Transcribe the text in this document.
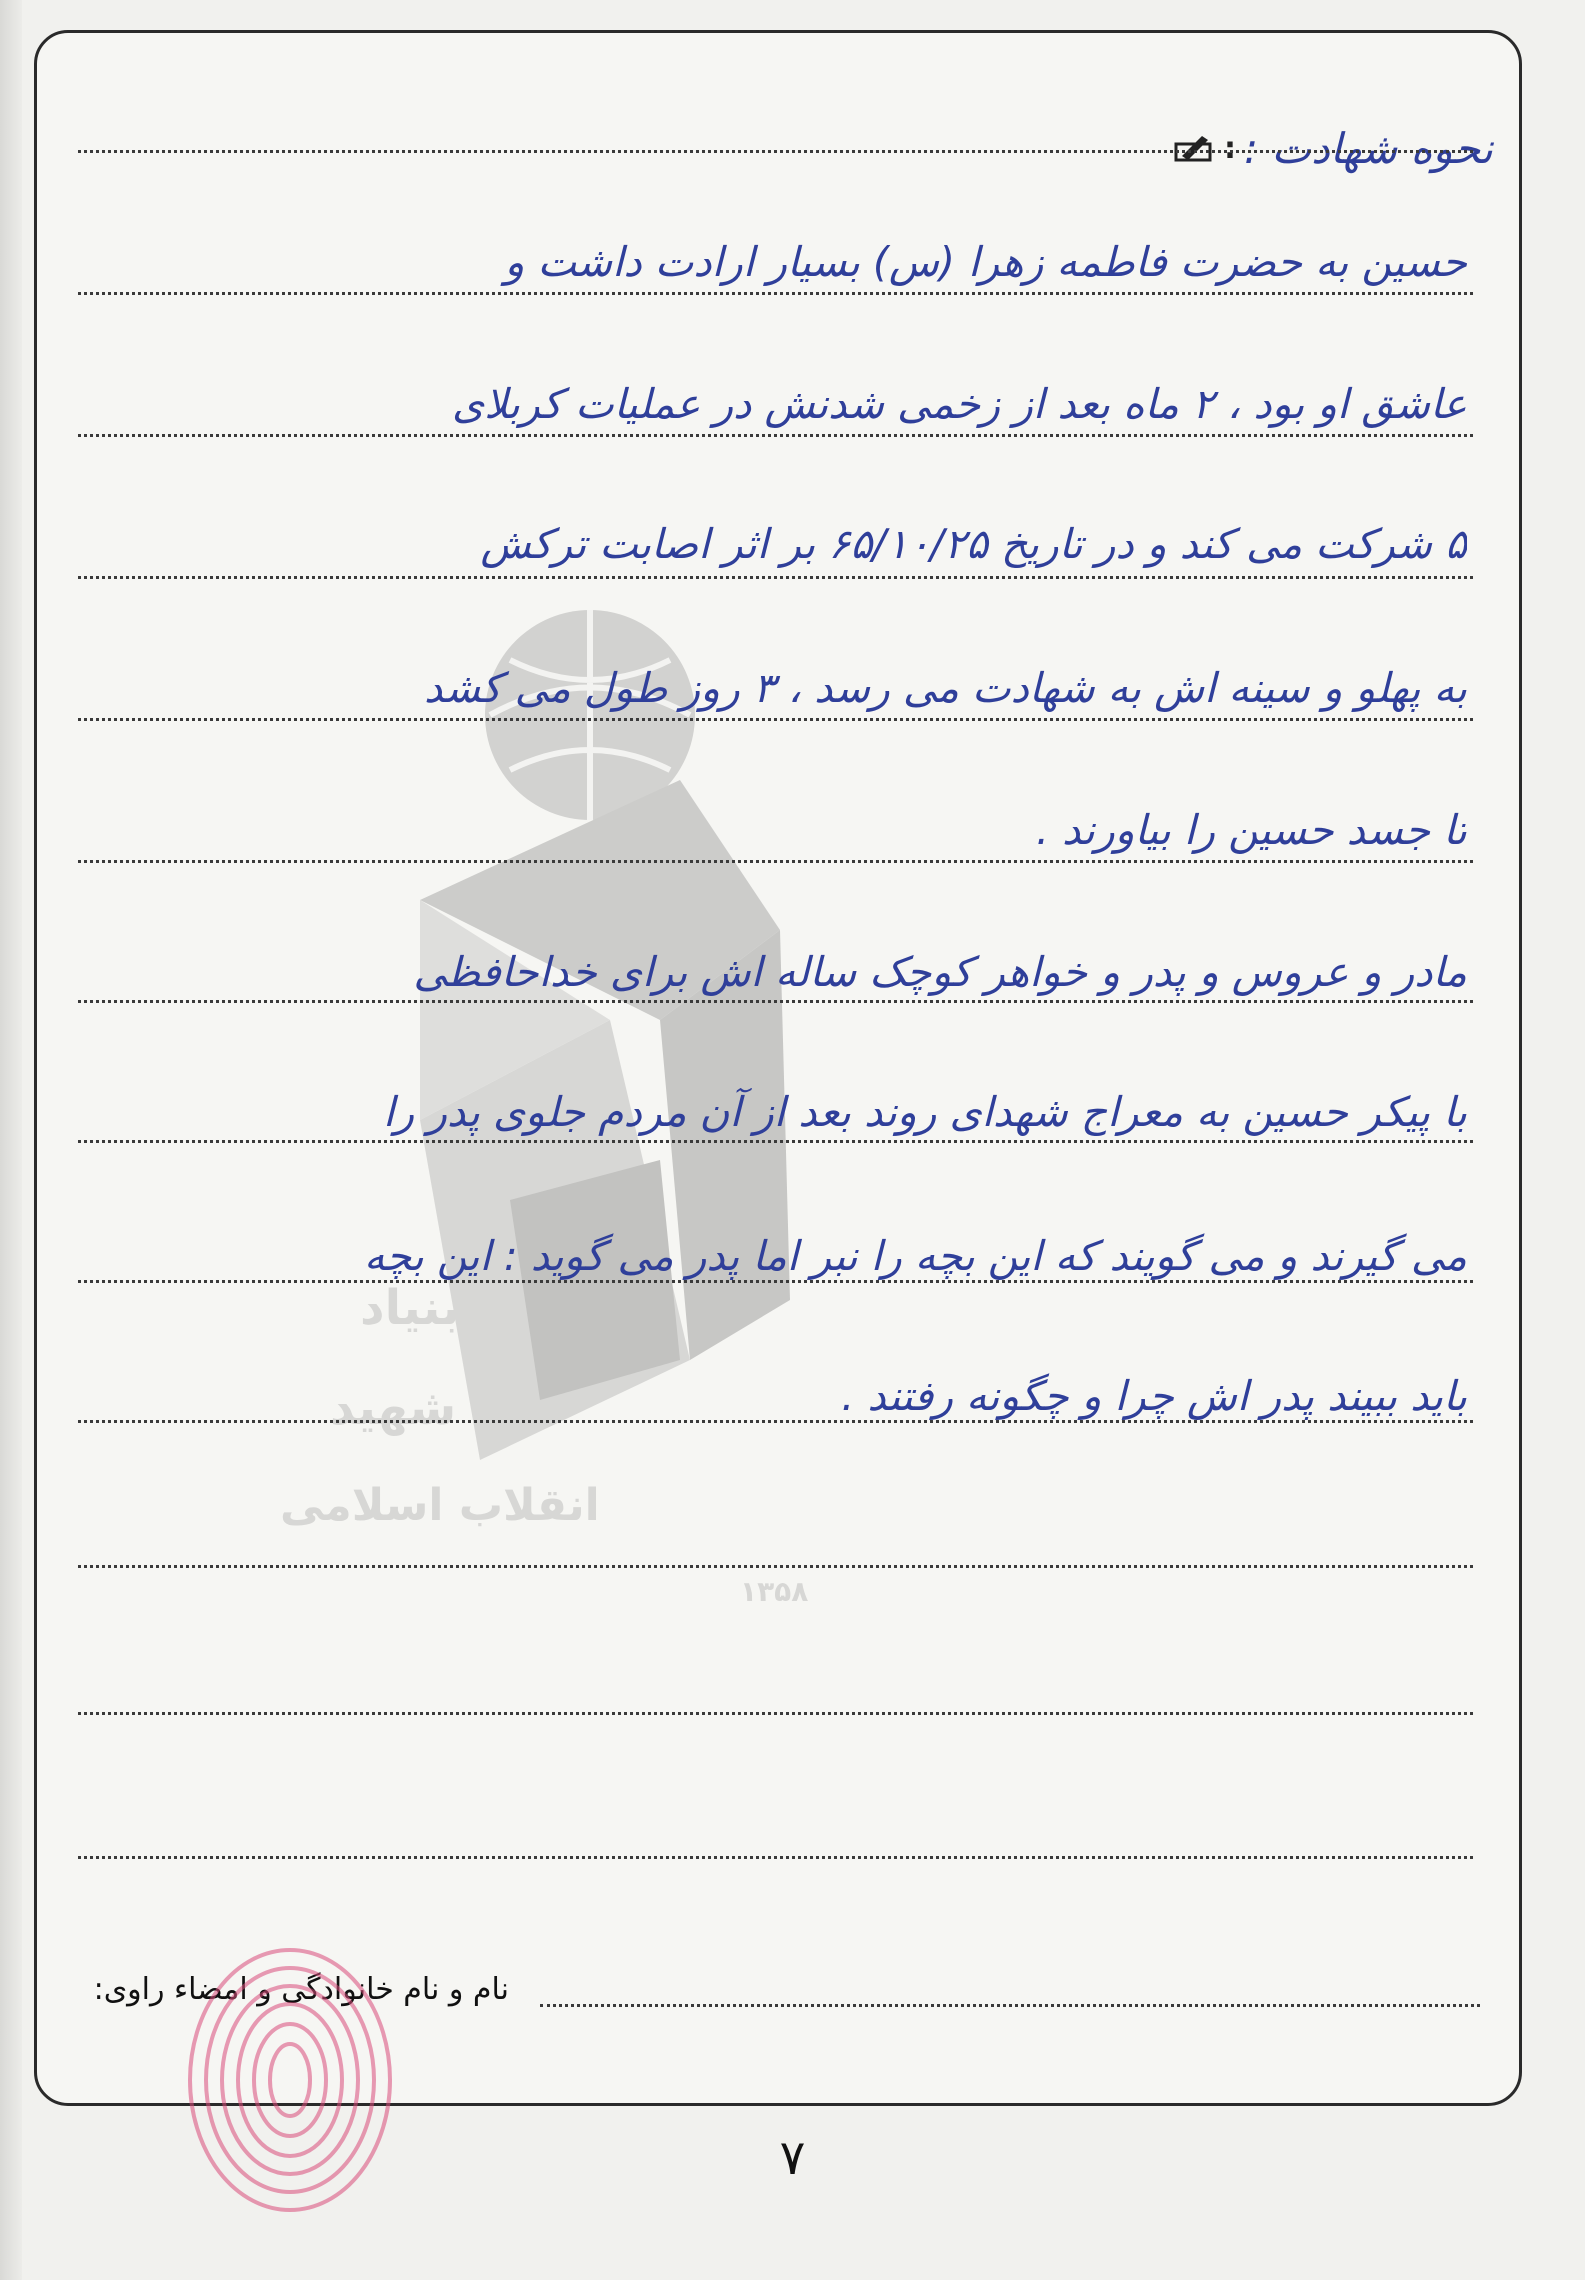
بنیاد
شهید
انقلاب اسلامی
۱۳۵۸
: نحوه شهادت :
حسین به حضرت فاطمه زهرا (س) بسیار ارادت داشت و
عاشق او بود ، ۲ ماه بعد از زخمی شدنش در عملیات کربلای
۵ شرکت می کند و در تاریخ ۶۵/۱۰/۲۵ بر اثر اصابت ترکش
به پهلو و سینه اش به شهادت می رسد ، ۳ روز طول می کشد
تا جسد حسین را بیاورند .
مادر و عروس و پدر و خواهر کوچک ساله اش برای خداحافظی
با پیکر حسین به معراج شهدای روند بعد از آن مردم جلوی پدر را
می گیرند و می گویند که این بچه را نبر اما پدر می گوید : این بچه
باید ببیند پدر اش چرا و چگونه رفتند .
نام و نام خانوادگی و امضاء راوی:
۷
